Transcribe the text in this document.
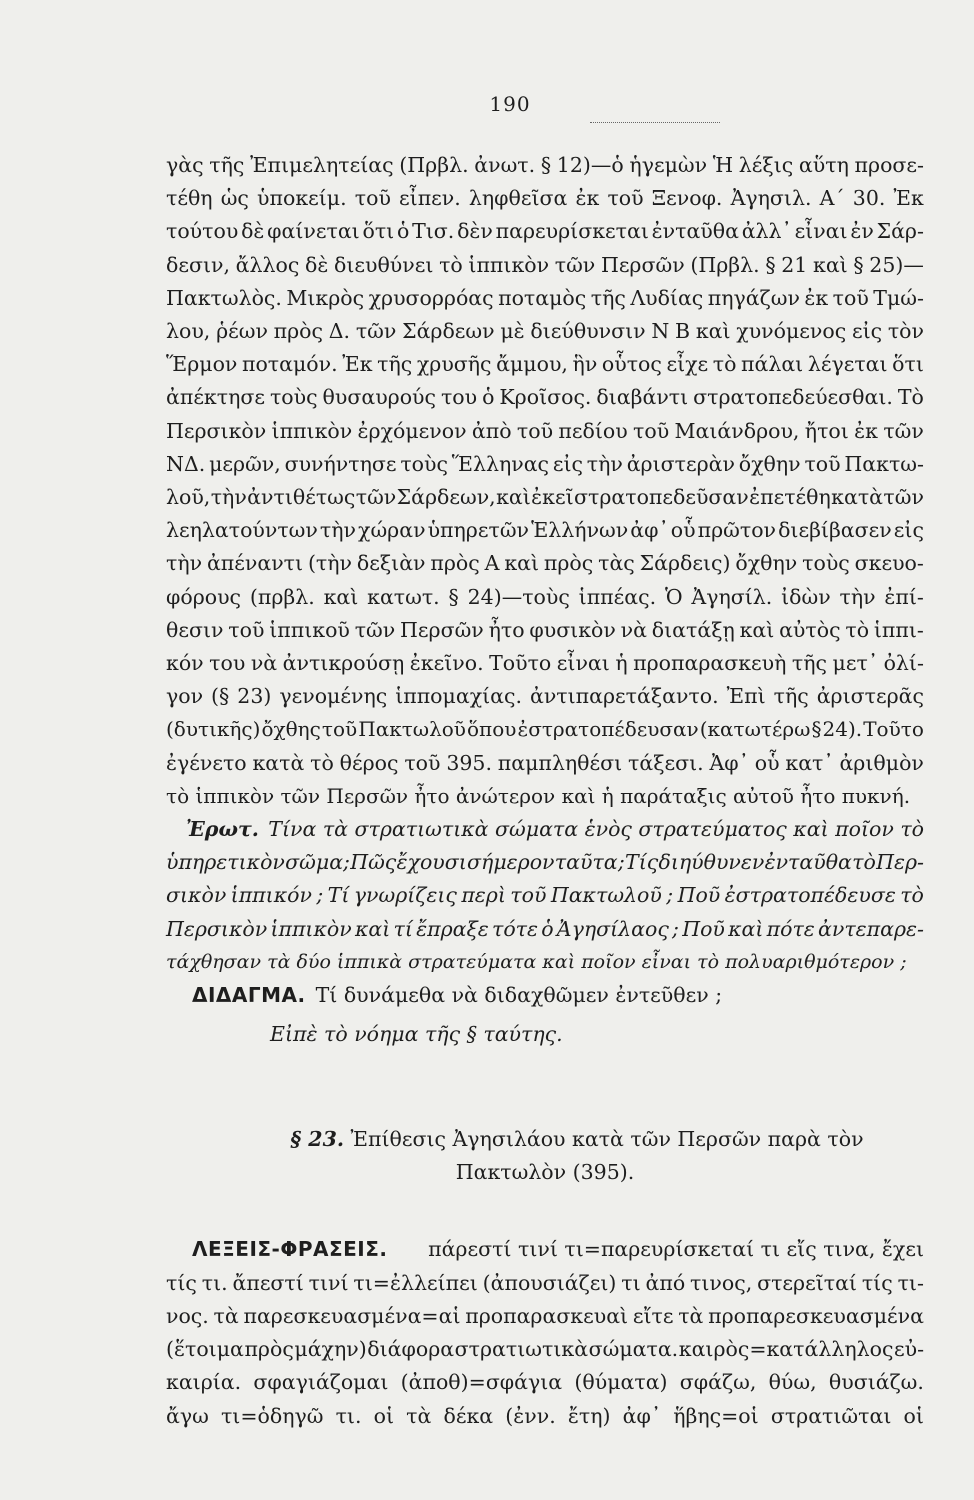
190
γὰς τῆς Ἐπιμελητείας (Πρβλ. ἀνωτ. § 12)—ὁ ἡγεμὼν Ἡ λέξις αὕτη προσε-
τέθη ὡς ὑποκείμ. τοῦ εἶπεν. ληφθεῖσα ἐκ τοῦ Ξενοφ. Ἀγησιλ. Α΄ 30. Ἐκ
τούτου δὲ φαίνεται ὅτι ὁ Τισ. δὲν παρευρίσκεται ἐνταῦθα ἀλλ᾽ εἶναι ἐν Σάρ-
δεσιν, ἄλλος δὲ διευθύνει τὸ ἱππικὸν τῶν Περσῶν (Πρβλ. § 21 καὶ § 25)—
Πακτωλὸς. Μικρὸς χρυσορρόας ποταμὸς τῆς Λυδίας πηγάζων ἐκ τοῦ Τμώ-
λου, ῥέων πρὸς Δ. τῶν Σάρδεων μὲ διεύθυνσιν Ν Β καὶ χυνόμενος εἰς τὸν
Ἕρμον ποταμόν. Ἐκ τῆς χρυσῆς ἄμμου, ἣν οὗτος εἶχε τὸ πάλαι λέγεται ὅτι
ἀπέκτησε τοὺς θυσαυρούς του ὁ Κροῖσος. διαβάντι στρατοπεδεύεσθαι. Τὸ
Περσικὸν ἱππικὸν ἐρχόμενον ἀπὸ τοῦ πεδίου τοῦ Μαιάνδρου, ἤτοι ἐκ τῶν
ΝΔ. μερῶν, συνήντησε τοὺς Ἕλληνας εἰς τὴν ἀριστερὰν ὄχθην τοῦ Πακτω-
λοῦ, τὴν ἀντιθέτως τῶν Σάρδεων, καὶ ἐκεῖ στρατοπεδεῦσαν ἐπετέθη κατὰ τῶν
λεηλατούντων τὴν χώραν ὑπηρετῶν Ἑλλήνων ἀφ᾽ οὗ πρῶτον διεβίβασεν εἰς
τὴν ἀπέναντι (τὴν δεξιὰν πρὸς Α καὶ πρὸς τὰς Σάρδεις) ὄχθην τοὺς σκευο-
φόρους (πρβλ. καὶ κατωτ. § 24)—τοὺς ἱππέας. Ὁ Ἀγησίλ. ἰδὼν τὴν ἐπί-
θεσιν τοῦ ἱππικοῦ τῶν Περσῶν ἦτο φυσικὸν νὰ διατάξῃ καὶ αὐτὸς τὸ ἱππι-
κόν του νὰ ἀντικρούσῃ ἐκεῖνο. Τοῦτο εἶναι ἡ προπαρασκευὴ τῆς μετ᾽ ὀλί-
γον (§ 23) γενομένης ἱππομαχίας. ἀντιπαρετάξαντο. Ἐπὶ τῆς ἀριστερᾶς
(δυτικῆς) ὄχθης τοῦ Πακτωλοῦ ὅπου ἐστρατοπέδευσαν (κατωτέρω § 24). Τοῦτο
ἐγένετο κατὰ τὸ θέρος τοῦ 395. παμπληθέσι τάξεσι. Ἀφ᾽ οὗ κατ᾽ ἀριθμὸν
τὸ ἱππικὸν τῶν Περσῶν ἦτο ἀνώτερον καὶ ἡ παράταξις αὐτοῦ ἦτο πυκνή.
Ἐρωτ. Τίνα τὰ στρατιωτικὰ σώματα ἑνὸς στρατεύματος καὶ ποῖον τὸ
ὑπηρετικὸν σῶμα; Πῶς ἔχουσι σήμερον ταῦτα ; Τίς διηύθυνεν ἐνταῦθα τὸ Περ-
σικὸν ἱππικόν ; Τί γνωρίζεις περὶ τοῦ Πακτωλοῦ ; Ποῦ ἐστρατοπέδευσε τὸ
Περσικὸν ἱππικὸν καὶ τί ἔπραξε τότε ὁ Ἀγησίλαος ; Ποῦ καὶ πότε ἀντεπαρε-
τάχθησαν τὰ δύο ἱππικὰ στρατεύματα καὶ ποῖον εἶναι τὸ πολυαριθμότερον ;
ΔΙΔΑΓΜΑ. Τί δυνάμεθα νὰ διδαχθῶμεν ἐντεῦθεν ;
Εἰπὲ τὸ νόημα τῆς § ταύτης.
§ 23. Ἐπίθεσις Ἀγησιλάου κατὰ τῶν Περσῶν παρὰ τὸν
Πακτωλὸν (395).
ΛΕΞΕΙΣ-ΦΡΑΣΕΙΣ. πάρεστί τινί τι=παρευρίσκεταί τι εἴς τινα, ἔχει
τίς τι. ἄπεστί τινί τι=ἐλλείπει (ἀπουσιάζει) τι ἀπό τινος, στερεῖταί τίς τι-
νος. τὰ παρεσκευασμένα=αἱ προπαρασκευαὶ εἴτε τὰ προπαρεσκευασμένα
(ἕτοιμα πρὸς μάχην) διάφορα στρατιωτικὰ σώματα. καιρὸς=κατάλληλος εὐ-
καιρία. σφαγιάζομαι (ἀποθ)=σφάγια (θύματα) σφάζω, θύω, θυσιάζω.
ἄγω τι=ὁδηγῶ τι. οἱ τὰ δέκα (ἐνν. ἔτη) ἀφ᾽ ἥβης=οἱ στρατιῶται οἱ
